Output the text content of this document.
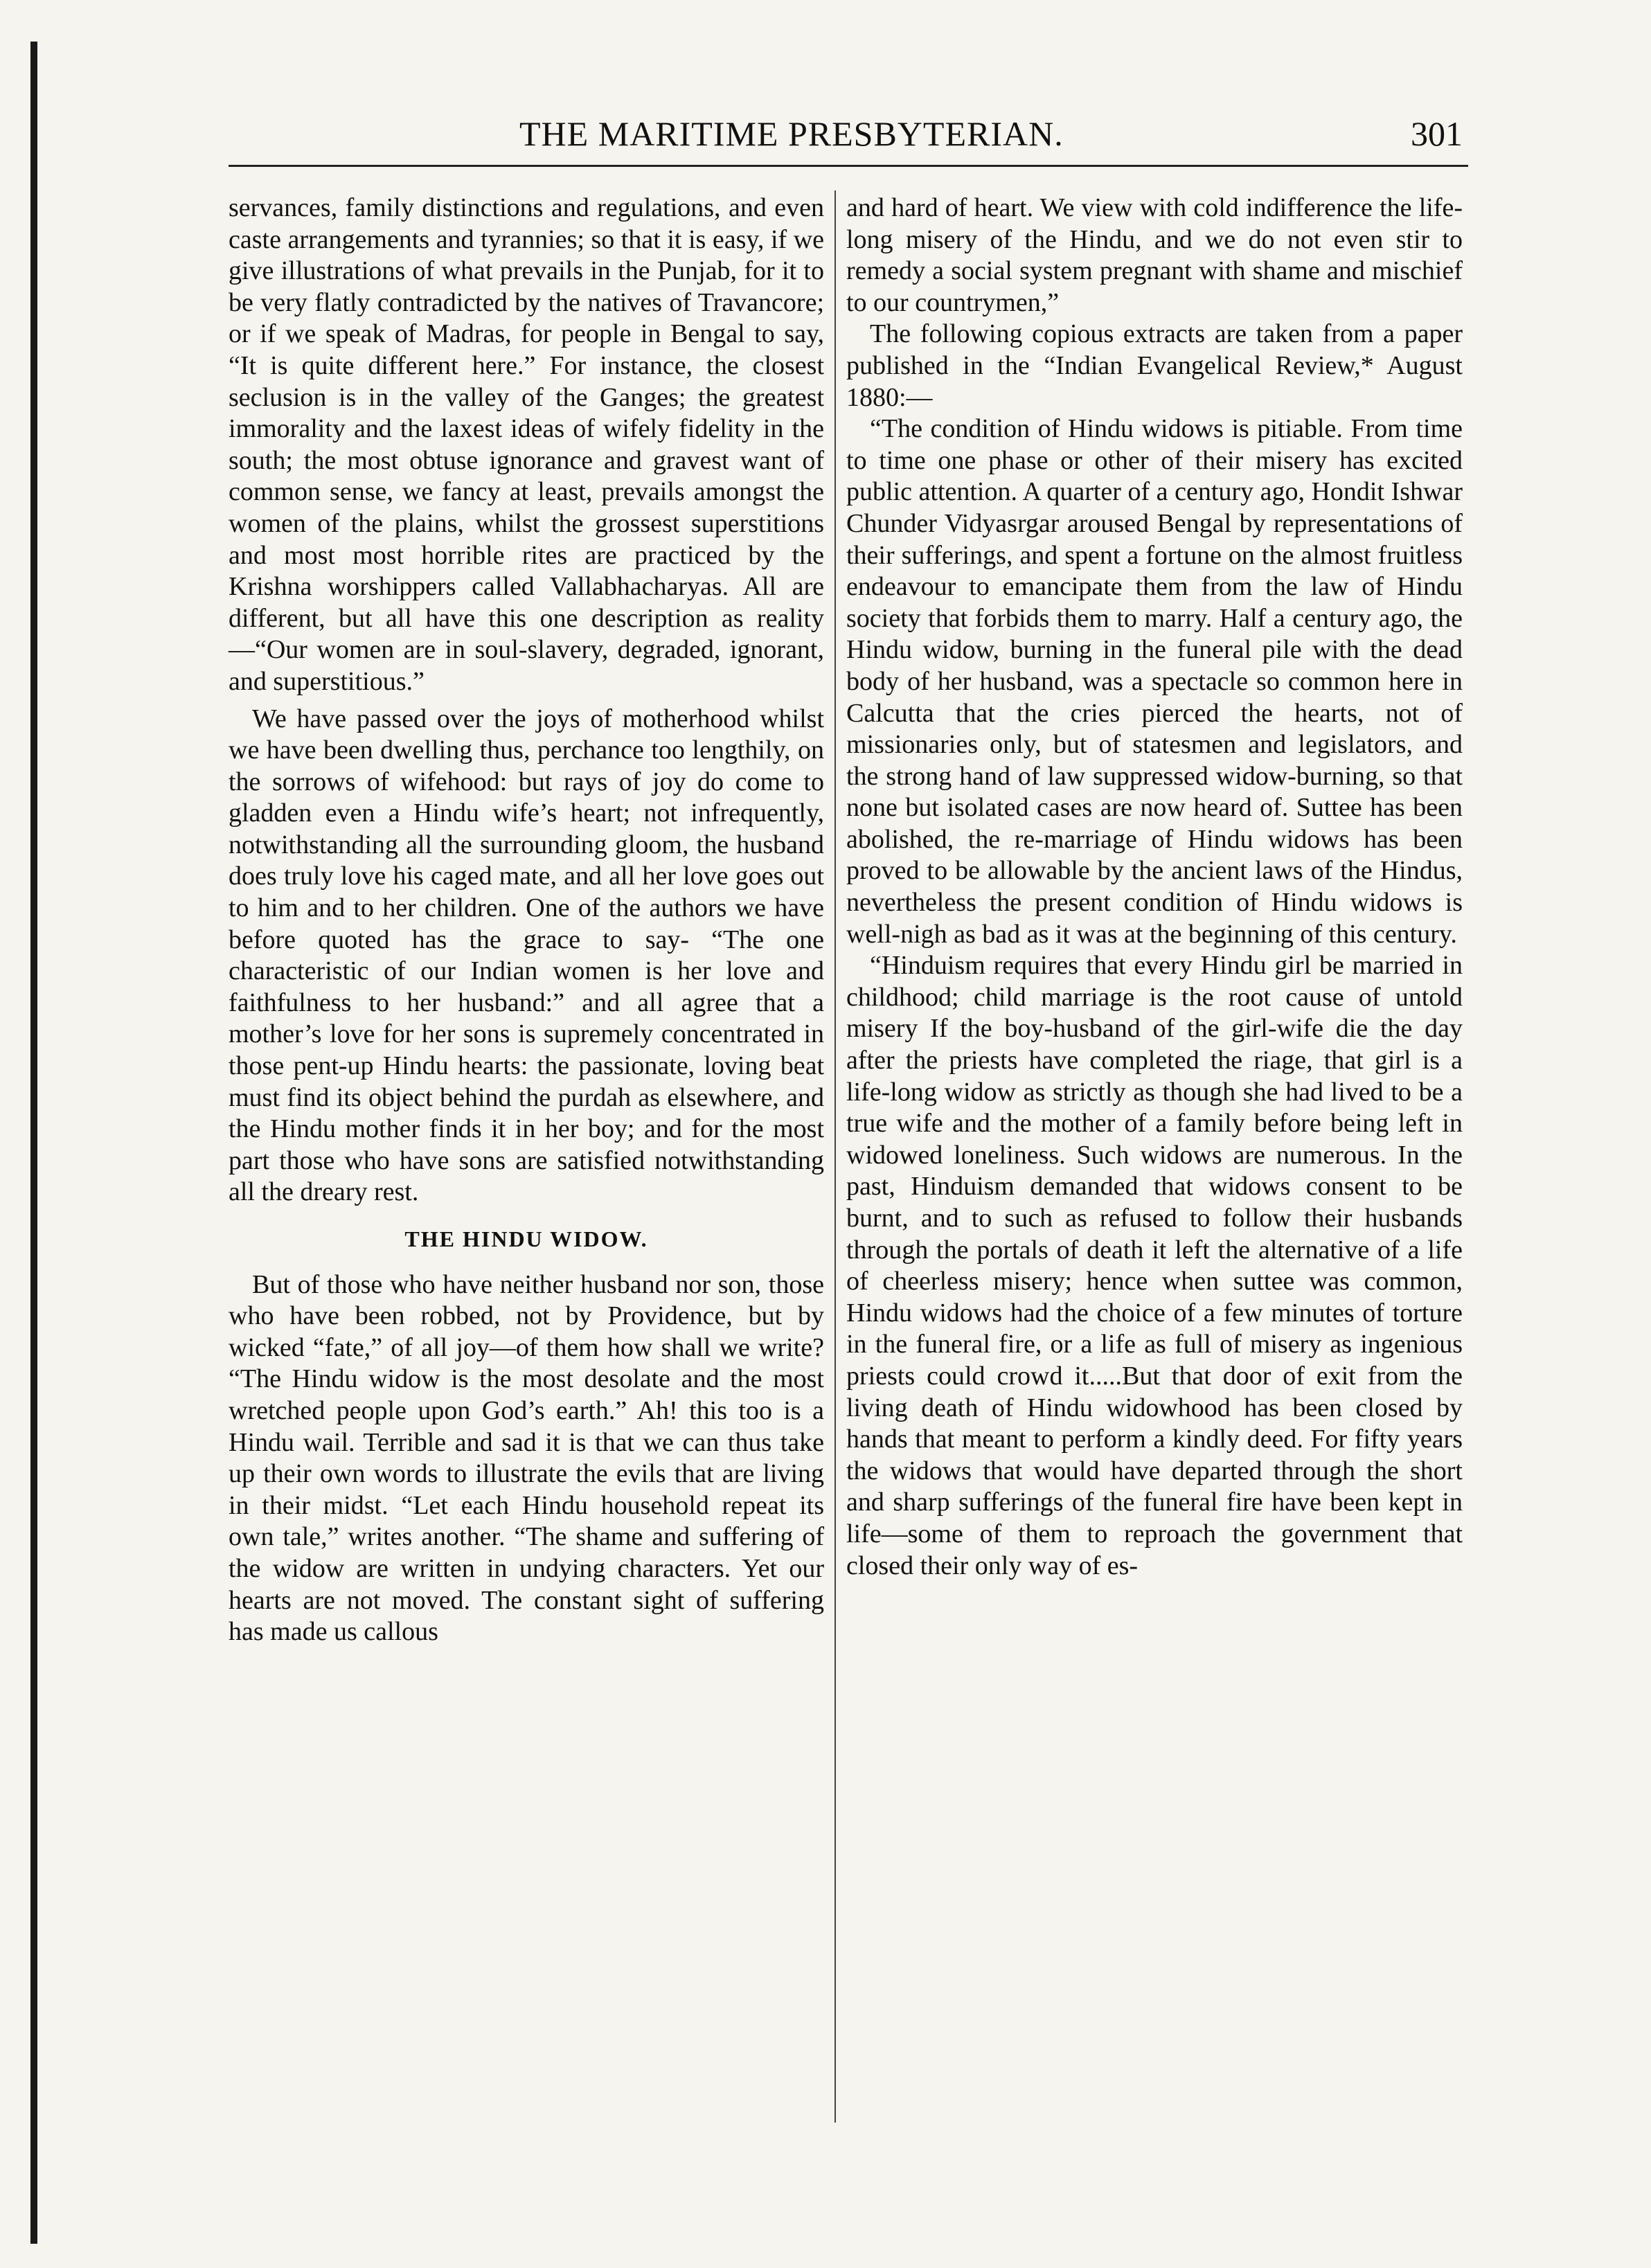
THE MARITIME PRESBYTERIAN.	301

servances, family distinctions and regulations, and even caste arrangements and tyrannies; so that it is easy, if we give illustrations of what prevails in the Punjab, for it to be very flatly contradicted by the natives of Travancore; or if we speak of Madras, for people in Bengal to say, “It is quite different here.” For instance, the closest seclusion is in the valley of the Ganges; the greatest immorality and the laxest ideas of wifely fidelity in the south; the most obtuse ignorance and gravest want of common sense, we fancy at least, prevails amongst the women of the plains, whilst the grossest superstitions and most most horrible rites are practiced by the Krishna worshippers called Vallabhacharyas. All are different, but all have this one description as reality—“Our women are in soul-slavery, degraded, ignorant, and superstitious.”

We have passed over the joys of motherhood whilst we have been dwelling thus, perchance too lengthily, on the sorrows of wifehood: but rays of joy do come to gladden even a Hindu wife’s heart; not infrequently, notwithstanding all the surrounding gloom, the husband does truly love his caged mate, and all her love goes out to him and to her children. One of the authors we have before quoted has the grace to say- “The one characteristic of our Indian women is her love and faithfulness to her husband:” and all agree that a mother’s love for her sons is supremely concentrated in those pent-up Hindu hearts: the passionate, loving beat must find its object behind the purdah as elsewhere, and the Hindu mother finds it in her boy; and for the most part those who have sons are satisfied notwithstanding all the dreary rest.

THE HINDU WIDOW.

But of those who have neither husband nor son, those who have been robbed, not by Providence, but by wicked “fate,” of all joy—of them how shall we write? “The Hindu widow is the most desolate and the most wretched people upon God’s earth.” Ah! this too is a Hindu wail. Terrible and sad it is that we can thus take up their own words to illustrate the evils that are living in their midst. “Let each Hindu household repeat its own tale,” writes another. “The shame and suffering of the widow are written in undying characters. Yet our hearts are not moved. The constant sight of suffering has made us callous

and hard of heart. We view with cold indifference the life-long misery of the Hindu, and we do not even stir to remedy a social system pregnant with shame and mischief to our countrymen,”

The following copious extracts are taken from a paper published in the “Indian Evangelical Review,* August 1880:—

“The condition of Hindu widows is pitiable. From time to time one phase or other of their misery has excited public attention. A quarter of a century ago, Hondit Ishwar Chunder Vidyasrgar aroused Bengal by representations of their sufferings, and spent a fortune on the almost fruitless endeavour to emancipate them from the law of Hindu society that forbids them to marry. Half a century ago, the Hindu widow, burning in the funeral pile with the dead body of her husband, was a spectacle so common here in Calcutta that the cries pierced the hearts, not of missionaries only, but of statesmen and legislators, and the strong hand of law suppressed widow-burning, so that none but isolated cases are now heard of. Suttee has been abolished, the re-marriage of Hindu widows has been proved to be allowable by the ancient laws of the Hindus, nevertheless the present condition of Hindu widows is well-nigh as bad as it was at the beginning of this century.

“Hinduism requires that every Hindu girl be married in childhood; child marriage is the root cause of untold misery If the boy-husband of the girl-wife die the day after the priests have completed the riage, that girl is a life-long widow as strictly as though she had lived to be a true wife and the mother of a family before being left in widowed loneliness. Such widows are numerous. In the past, Hinduism demanded that widows consent to be burnt, and to such as refused to follow their husbands through the portals of death it left the alternative of a life of cheerless misery; hence when suttee was common, Hindu widows had the choice of a few minutes of torture in the funeral fire, or a life as full of misery as ingenious priests could crowd it.....But that door of exit from the living death of Hindu widowhood has been closed by hands that meant to perform a kindly deed. For fifty years the widows that would have departed through the short and sharp sufferings of the funeral fire have been kept in life—some of them to reproach the government that closed their only way of es-
